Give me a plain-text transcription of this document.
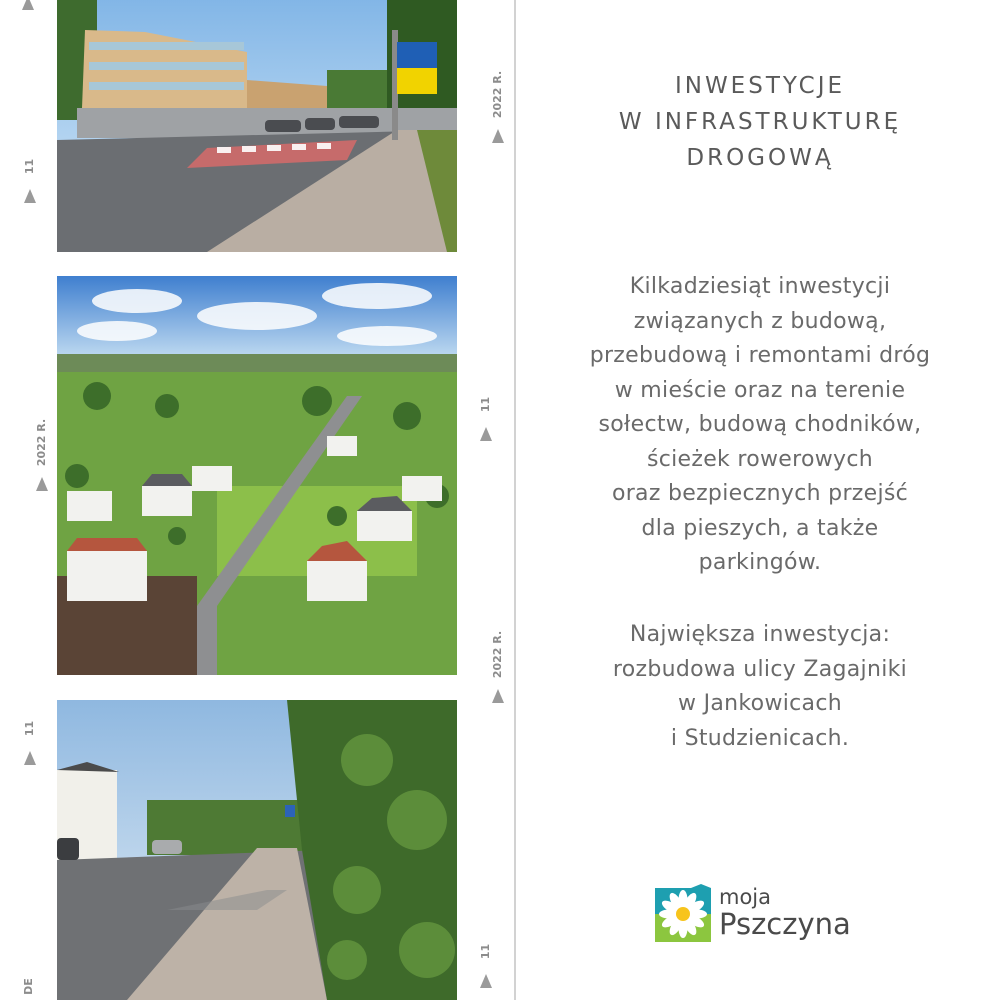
2022 R.
11
2022 R.
11
11
2022 R.
11
DE
INWESTYCJE
W INFRASTRUKTURĘ
DROGOWĄ
Kilkadziesiąt inwestycji
związanych z budową,
przebudową i remontami dróg
w mieście oraz na terenie
sołectw, budową chodników,
ścieżek rowerowych
oraz bezpiecznych przejść
dla pieszych, a także
parkingów.
Największa inwestycja:
rozbudowa ulicy Zagajniki
w Jankowicach
i Studzienicach.
moja
Pszczyna
